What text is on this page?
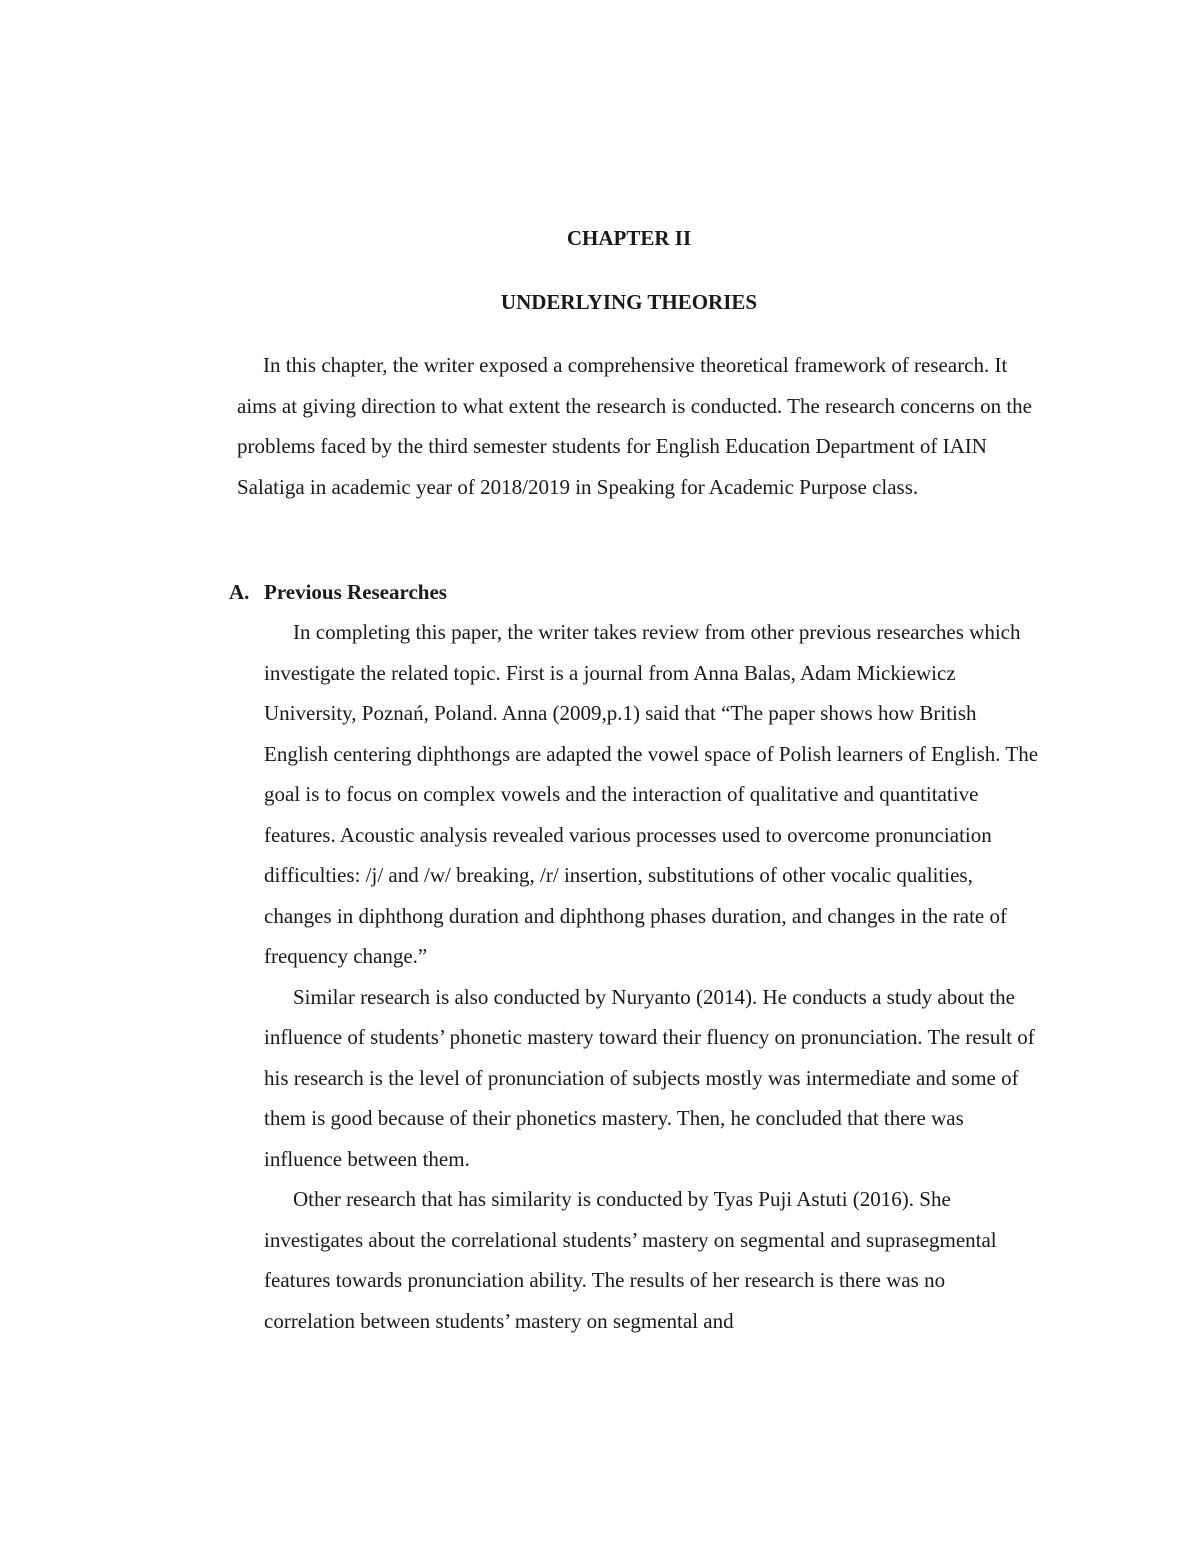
CHAPTER II
UNDERLYING THEORIES

In this chapter, the writer exposed a comprehensive theoretical framework of research. It aims at giving direction to what extent the research is conducted. The research concerns on the problems faced by the third semester students for English Education Department of IAIN Salatiga in academic year of 2018/2019 in Speaking for Academic Purpose class.

A. Previous Researches

In completing this paper, the writer takes review from other previous researches which investigate the related topic. First is a journal from Anna Balas, Adam Mickiewicz University, Poznań, Poland. Anna (2009,p.1) said that “The paper shows how British English centering diphthongs are adapted the vowel space of Polish learners of English. The goal is to focus on complex vowels and the interaction of qualitative and quantitative features. Acoustic analysis revealed various processes used to overcome pronunciation difficulties: /j/ and /w/ breaking, /r/ insertion, substitutions of other vocalic qualities, changes in diphthong duration and diphthong phases duration, and changes in the rate of frequency change.”

Similar research is also conducted by Nuryanto (2014). He conducts a study about the influence of students’ phonetic mastery toward their fluency on pronunciation. The result of his research is the level of pronunciation of subjects mostly was intermediate and some of them is good because of their phonetics mastery. Then, he concluded that there was influence between them.

Other research that has similarity is conducted by Tyas Puji Astuti (2016). She investigates about the correlational students’ mastery on segmental and suprasegmental features towards pronunciation ability. The results of her research is there was no correlation between students’ mastery on segmental and
